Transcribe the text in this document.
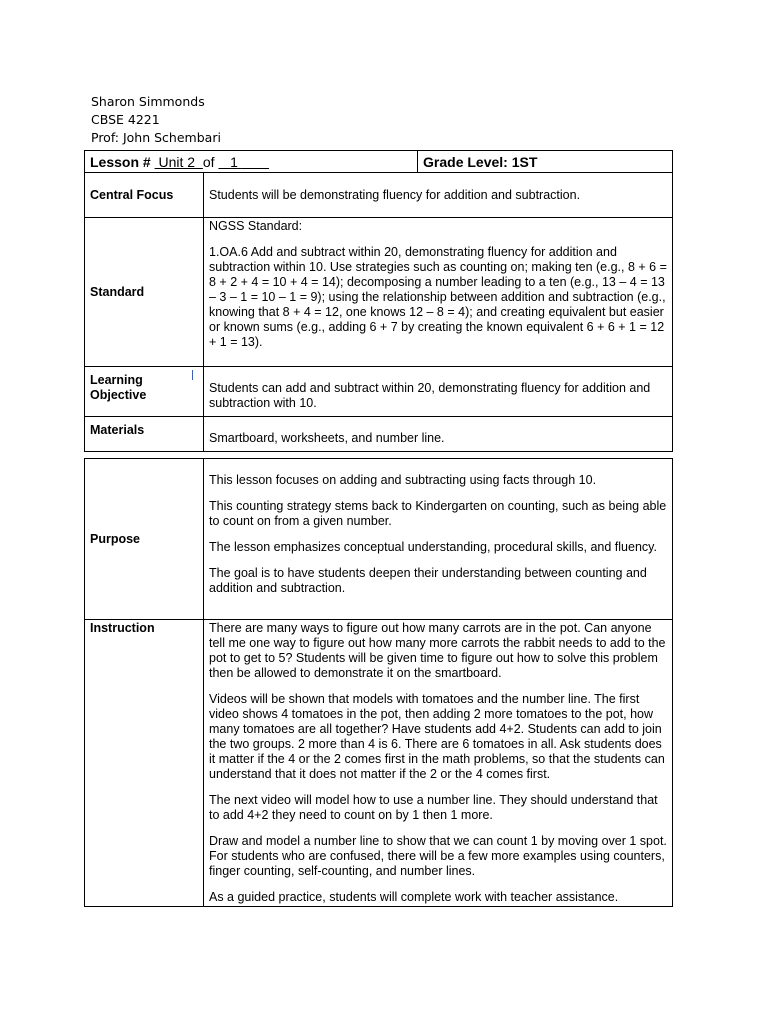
Sharon Simmonds
CBSE 4221
Prof: John Schembari
Lesson # Unit 2 of 1		Grade Level: 1ST
Central Focus	Students will be demonstrating fluency for addition and subtraction.	
Standard	NGSS Standard:

1.OA.6 Add and subtract within 20, demonstrating fluency for addition and subtraction within 10. Use strategies such as counting on; making ten (e.g., 8 + 6 = 8 + 2 + 4 = 10 + 4 = 14); decomposing a number leading to a ten (e.g., 13 – 4 = 13 – 3 – 1 = 10 – 1 = 9); using the relationship between addition and subtraction (e.g., knowing that 8 + 4 = 12, one knows 12 – 8 = 4); and creating equivalent but easier or known sums (e.g., adding 6 + 7 by creating the known equivalent 6 + 6 + 1 = 12 + 1 = 13).	

Learning Objective	Students can add and subtract within 20, demonstrating fluency for addition and subtraction with 10.	
Materials	Smartboard, worksheets, and number line.	
Purpose	This lesson focuses on adding and subtracting using facts through 10.

This counting strategy stems back to Kindergarten on counting, such as being able to count on from a given number.

The lesson emphasizes conceptual understanding, procedural skills, and fluency.

The goal is to have students deepen their understanding between counting and addition and subtraction.

Instruction	There are many ways to figure out how many carrots are in the pot. Can anyone tell me one way to figure out how many more carrots the rabbit needs to add to the pot to get to 5? Students will be given time to figure out how to solve this problem then be allowed to demonstrate it on the smartboard.

Videos will be shown that models with tomatoes and the number line. The first video shows 4 tomatoes in the pot, then adding 2 more tomatoes to the pot, how many tomatoes are all together? Have students add 4+2. Students can add to join the two groups. 2 more than 4 is 6. There are 6 tomatoes in all. Ask students does it matter if the 4 or the 2 comes first in the math problems, so that the students can understand that it does not matter if the 2 or the 4 comes first.

The next video will model how to use a number line. They should understand that to add 4+2 they need to count on by 1 then 1 more.

Draw and model a number line to show that we can count 1 by moving over 1 spot. For students who are confused, there will be a few more examples using counters, finger counting, self-counting, and number lines.

As a guided practice, students will complete work with teacher assistance.
